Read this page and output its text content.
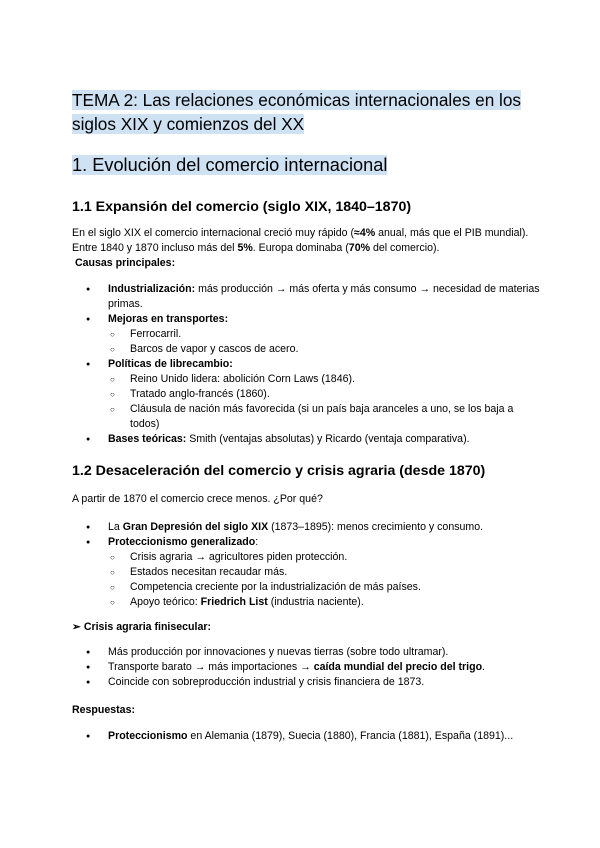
TEMA 2: Las relaciones económicas internacionales en los siglos XIX y comienzos del XX
1. Evolución del comercio internacional
1.1 Expansión del comercio (siglo XIX, 1840–1870)

En el siglo XIX el comercio internacional creció muy rápido (≈4% anual, más que el PIB mundial). Entre 1840 y 1870 incluso más del 5%. Europa dominaba (70% del comercio).

Causas principales:

● Industrialización: más producción → más oferta y más consumo → necesidad de materias primas.
● Mejoras en transportes:
○ Ferrocarril.
○ Barcos de vapor y cascos de acero.
● Políticas de librecambio:
○ Reino Unido lidera: abolición Corn Laws (1846).
○ Tratado anglo-francés (1860).
○ Cláusula de nación más favorecida (si un país baja aranceles a uno, se los baja a todos)
● Bases teóricas: Smith (ventajas absolutas) y Ricardo (ventaja comparativa).
1.2 Desaceleración del comercio y crisis agraria (desde 1870)

A partir de 1870 el comercio crece menos. ¿Por qué?

● La Gran Depresión del siglo XIX (1873–1895): menos crecimiento y consumo.
● Proteccionismo generalizado:
○ Crisis agraria → agricultores piden protección.
○ Estados necesitan recaudar más.
○ Competencia creciente por la industrialización de más países.
○ Apoyo teórico: Friedrich List (industria naciente).

➢ Crisis agraria finisecular:

● Más producción por innovaciones y nuevas tierras (sobre todo ultramar).
● Transporte barato → más importaciones → caída mundial del precio del trigo.
● Coincide con sobreproducción industrial y crisis financiera de 1873.

Respuestas:

● Proteccionismo en Alemania (1879), Suecia (1880), Francia (1881), España (1891)...
